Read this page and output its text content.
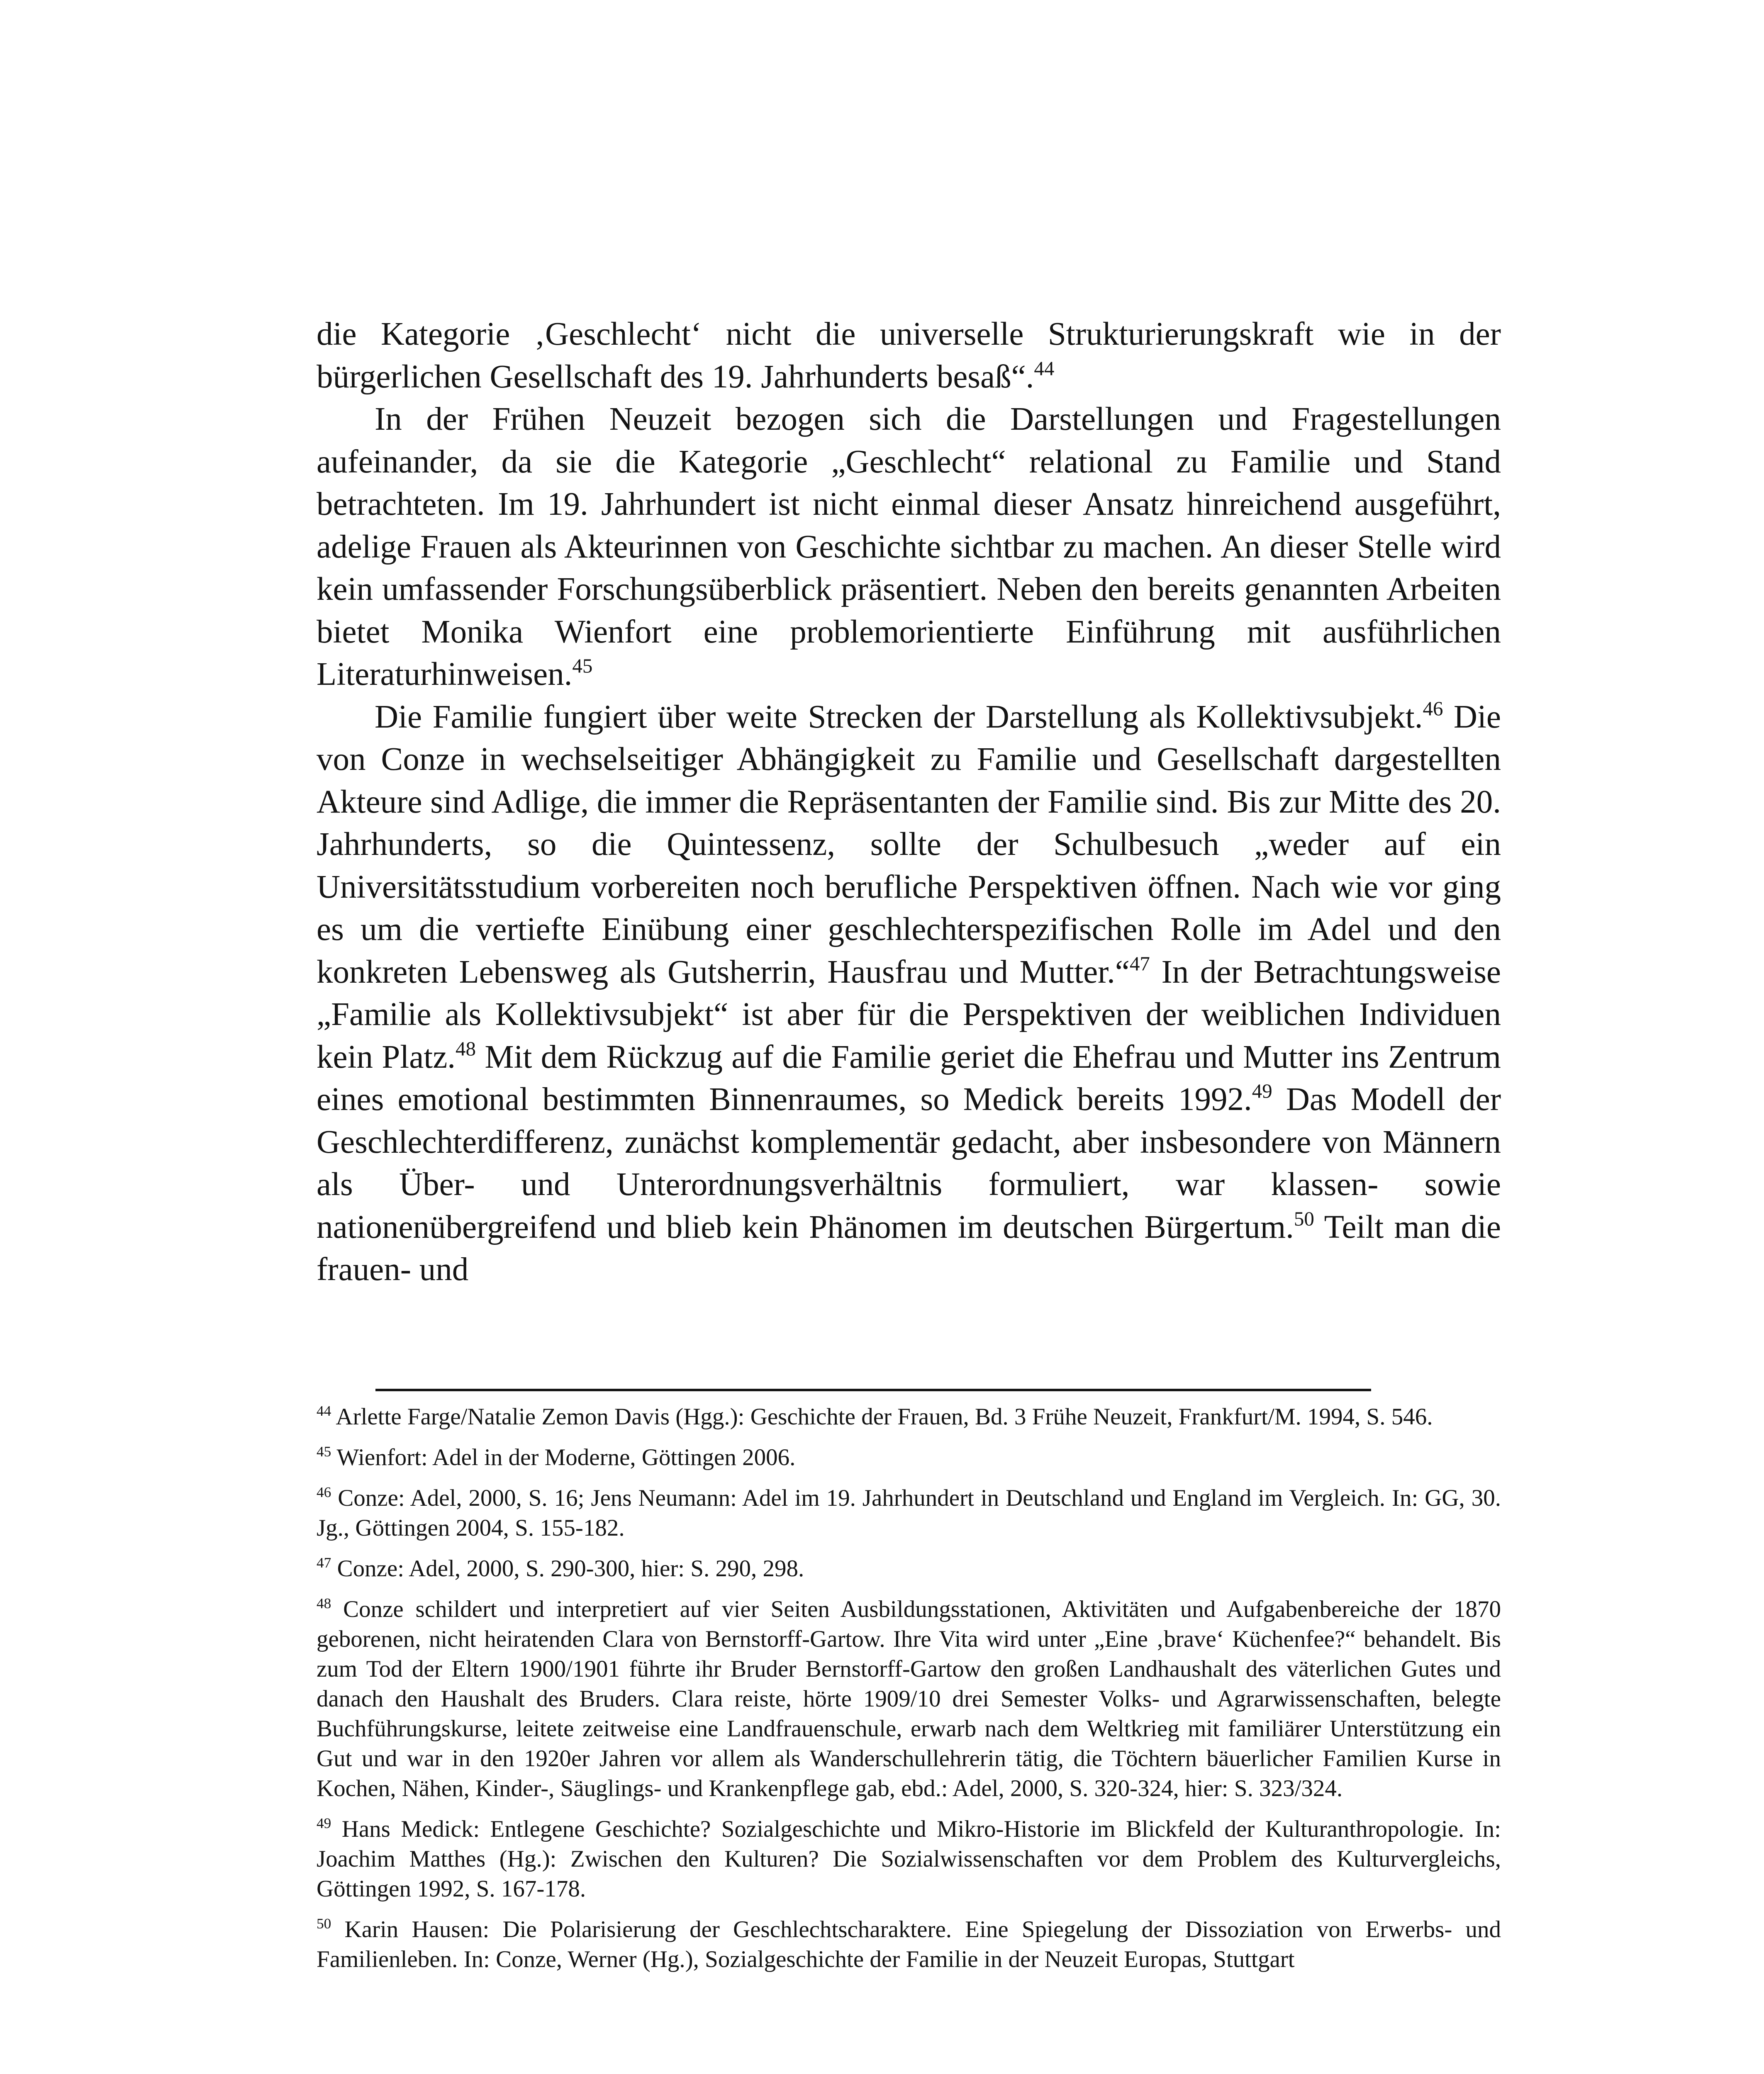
die Kategorie ‚Geschlecht‘ nicht die universelle Strukturierungskraft wie in der bürgerlichen Gesellschaft des 19. Jahrhunderts besaß“.$^{44}$

In der Frühen Neuzeit bezogen sich die Darstellungen und Fragestellungen aufeinander, da sie die Kategorie „Geschlecht“ relational zu Familie und Stand betrachteten. Im 19. Jahrhundert ist nicht einmal dieser Ansatz hinreichend ausgeführt, adelige Frauen als Akteurinnen von Geschichte sichtbar zu machen. An dieser Stelle wird kein umfassender Forschungsüberblick präsentiert. Neben den bereits genannten Arbeiten bietet Monika Wienfort eine problemorientierte Einführung mit ausführlichen Literaturhinweisen.$^{45}$

Die Familie fungiert über weite Strecken der Darstellung als Kollektivsubjekt.$^{46}$ Die von Conze in wechselseitiger Abhängigkeit zu Familie und Gesellschaft dargestellten Akteure sind Adlige, die immer die Repräsentanten der Familie sind. Bis zur Mitte des 20. Jahrhunderts, so die Quintessenz, sollte der Schulbesuch „weder auf ein Universitätsstudium vorbereiten noch berufliche Perspektiven öffnen. Nach wie vor ging es um die vertiefte Einübung einer geschlechterspezifischen Rolle im Adel und den konkreten Lebensweg als Gutsherrin, Hausfrau und Mutter.“$^{47}$ In der Betrachtungsweise „Familie als Kollektivsubjekt“ ist aber für die Perspektiven der weiblichen Individuen kein Platz.$^{48}$ Mit dem Rückzug auf die Familie geriet die Ehefrau und Mutter ins Zentrum eines emotional bestimmten Binnenraumes, so Medick bereits 1992.49 Das Modell der Geschlechterdifferenz, zunächst komplementär gedacht, aber insbesondere von Männern als Über- und Unterordnungsverhältnis formuliert, war klassen- sowie nationenübergreifend und blieb kein Phänomen im deutschen Bürgertum.$^{50}$ Teilt man die frauen- und

$^{44}$ Arlette Farge/Natalie Zemon Davis (Hgg.): Geschichte der Frauen, Bd. 3 Frühe Neuzeit, Frankfurt/M. 1994, S. 546.

$^{45}$ Wienfort: Adel in der Moderne, Göttingen 2006.

$^{46}$ Conze: Adel, 2000, S. 16; Jens Neumann: Adel im 19. Jahrhundert in Deutschland und England im Vergleich. In: GG, 30. Jg., Göttingen 2004, S. 155-182.

$^{47}$ Conze: Adel, 2000, S. 290-300, hier: S. 290, 298.

$^{48}$ Conze schildert und interpretiert auf vier Seiten Ausbildungsstationen, Aktivitäten und Aufgabenbereiche der 1870 geborenen, nicht heiratenden Clara von Bernstorff-Gartow. Ihre Vita wird unter „Eine ‚brave‘ Küchenfee?“ behandelt. Bis zum Tod der Eltern 1900/1901 führte ihr Bruder Bernstorff-Gartow den großen Landhaushalt des väterlichen Gutes und danach den Haushalt des Bruders. Clara reiste, hörte 1909/10 drei Semester Volks- und Agrarwissenschaften, belegte Buchführungskurse, leitete zeitweise eine Landfrauenschule, erwarb nach dem Weltkrieg mit familiärer Unterstützung ein Gut und war in den 1920er Jahren vor allem als Wanderschullehrerin tätig, die Töchtern bäuerlicher Familien Kurse in Kochen, Nähen, Kinder-, Säuglings- und Krankenpflege gab, ebd.: Adel, 2000, S. 320-324, hier: S. 323/324.

$^{49}$ Hans Medick: Entlegene Geschichte? Sozialgeschichte und Mikro-Historie im Blickfeld der Kulturanthropologie. In: Joachim Matthes (Hg.): Zwischen den Kulturen? Die Sozialwissenschaften vor dem Problem des Kulturvergleichs, Göttingen 1992, S. 167-178.

$^{50}$ Karin Hausen: Die Polarisierung der Geschlechtscharaktere. Eine Spiegelung der Dissoziation von Erwerbs- und Familienleben. In: Conze, Werner (Hg.), Sozialgeschichte der Familie in der Neuzeit Europas, Stuttgart
